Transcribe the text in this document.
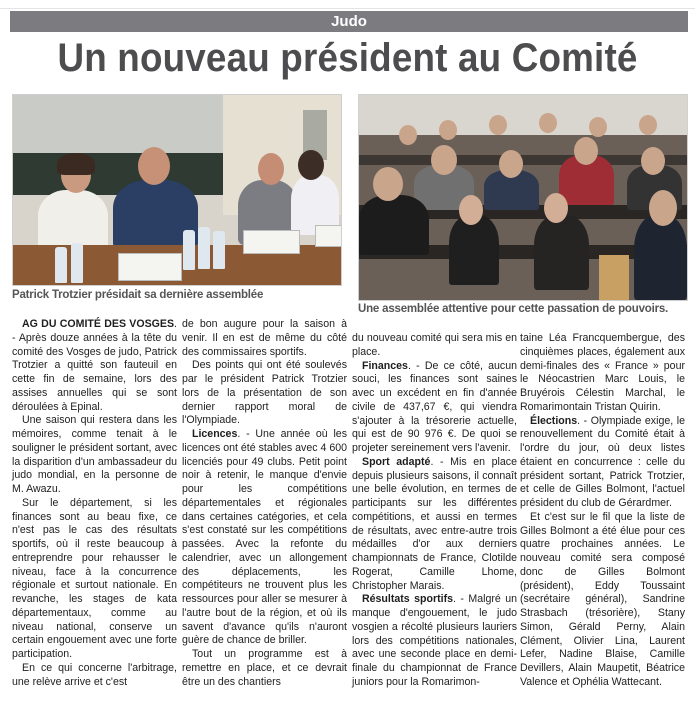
Judo
Un nouveau président au Comité
Patrick Trotzier présidait sa dernière assemblée
Une assemblée attentive pour cette passation de pouvoirs.

AG DU COMITÉ DES VOSGES. - Après douze années à la tête du comité des Vosges de judo, Patrick Trotzier a quitté son fauteuil en cette fin de semaine, lors des assises annuelles qui se sont déroulées à Epinal.

Une saison qui restera dans les mémoires, comme tenait à le souligner le président sortant, avec la disparition d'un ambassadeur du judo mondial, en la personne de M. Awazu.

Sur le département, si les finances sont au beau fixe, ce n'est pas le cas des résultats sportifs, où il reste beaucoup à entreprendre pour rehausser le niveau, face à la concurrence régionale et surtout nationale. En revanche, les stages de kata départementaux, comme au niveau national, conserve un certain engouement avec une forte participation.

En ce qui concerne l'arbitrage, une relève arrive et c'est

de bon augure pour la saison à venir. Il en est de même du côté des commissaires sportifs.

Des points qui ont été soulevés par le président Patrick Trotzier lors de la présentation de son dernier rapport moral de l'Olympiade.

Licences. - Une année où les licences ont été stables avec 4 600 licenciés pour 49 clubs. Petit point noir à retenir, le manque d'envie pour les compétitions départementales et régionales dans certaines catégories, et cela s'est constaté sur les compétitions passées. Avec la refonte du calendrier, avec un allongement des déplacements, les compétiteurs ne trouvent plus les ressources pour aller se mesurer à l'autre bout de la région, et où ils savent d'avance qu'ils n'auront guère de chance de briller.

Tout un programme est à remettre en place, et ce devrait être un des chantiers

du nouveau comité qui sera mis en place.

Finances. - De ce côté, aucun souci, les finances sont saines avec un excédent en fin d'année civile de 437,67 €, qui viendra s'ajouter à la trésorerie actuelle, qui est de 90 976 €. De quoi se projeter sereinement vers l'avenir.

Sport adapté. - Mis en place depuis plusieurs saisons, il connaît une belle évolution, en termes de participants sur les différentes compétitions, et aussi en termes de résultats, avec entre-autre trois médailles d'or aux derniers championnats de France, Clotilde Rogerat, Camille Lhome, Christopher Marais.

Résultats sportifs. - Malgré un manque d'engouement, le judo vosgien a récolté plusieurs lauriers lors des compétitions nationales, avec une seconde place en demi-finale du championnat de France juniors pour la Romarimon-

taine Léa Francquembergue, des cinquièmes places, également aux demi-finales des « France » pour le Néocastrien Marc Louis, le Bruyérois Célestin Marchal, le Romarimontain Tristan Quirin.

Élections. - Olympiade exige, le renouvellement du Comité était à l'ordre du jour, où deux listes étaient en concurrence : celle du président sortant, Patrick Trotzier, et celle de Gilles Bolmont, l'actuel président du club de Gérardmer.

Et c'est sur le fil que la liste de Gilles Bolmont a été élue pour ces quatre prochaines années. Le nouveau comité sera composé donc de Gilles Bolmont (président), Eddy Toussaint (secrétaire général), Sandrine Strasbach (trésorière), Stany Simon, Gérald Perny, Alain Clément, Olivier Lina, Laurent Lefer, Nadine Blaise, Camille Devillers, Alain Maupetit, Béatrice Valence et Ophélia Wattecant.
